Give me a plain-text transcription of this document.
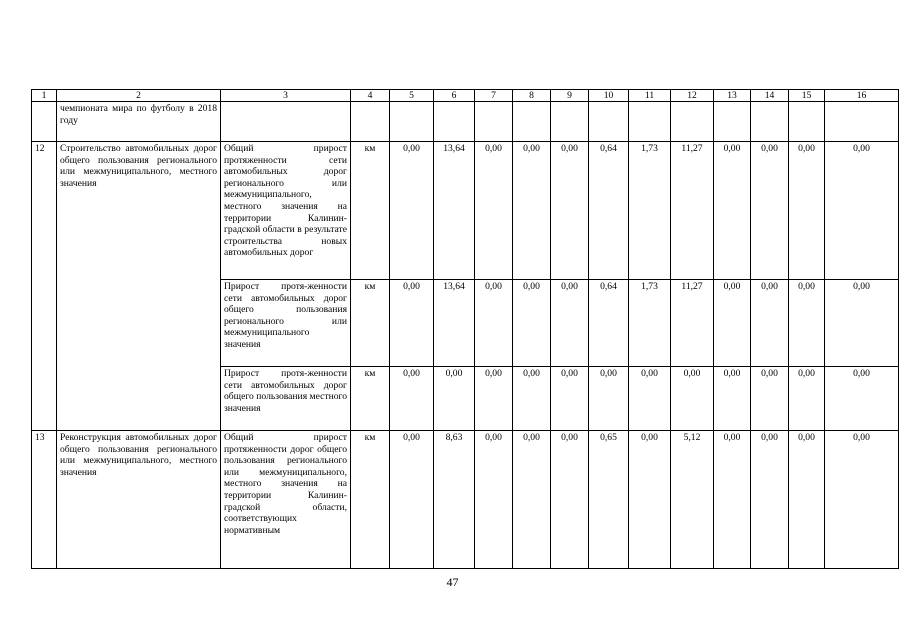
1	2	3	4	5	6	7	8	9	10	11	12	13	14	15	16
	чемпионата мира по футболу в 2018 году														
12	Строительство автомобильных дорог общего пользования регионального или межмуниципального, местного значения	Общий прирост протяженности сети автомобильных дорог регионального или межмуниципального, местного значения на территории Калинин-градской области в результате строительства новых автомобильных дорог	км	0,00	13,64	0,00	0,00	0,00	0,64	1,73	11,27	0,00	0,00	0,00	0,00
		Прирост протя-женности сети автомобильных дорог общего пользования регионального или межмуниципального значения	км	0,00	13,64	0,00	0,00	0,00	0,64	1,73	11,27	0,00	0,00	0,00	0,00
		Прирост протя-женности сети автомобильных дорог общего пользования местного значения	км	0,00	0,00	0,00	0,00	0,00	0,00	0,00	0,00	0,00	0,00	0,00	0,00
13	Реконструкция автомобильных дорог общего пользования регионального или межмуниципального, местного значения	Общий прирост протяженности дорог общего пользования регионального или межмуниципального, местного значения на территории Калинин-градской области, соответствующих нормативным	км	0,00	8,63	0,00	0,00	0,00	0,65	0,00	5,12	0,00	0,00	0,00	0,00
47
